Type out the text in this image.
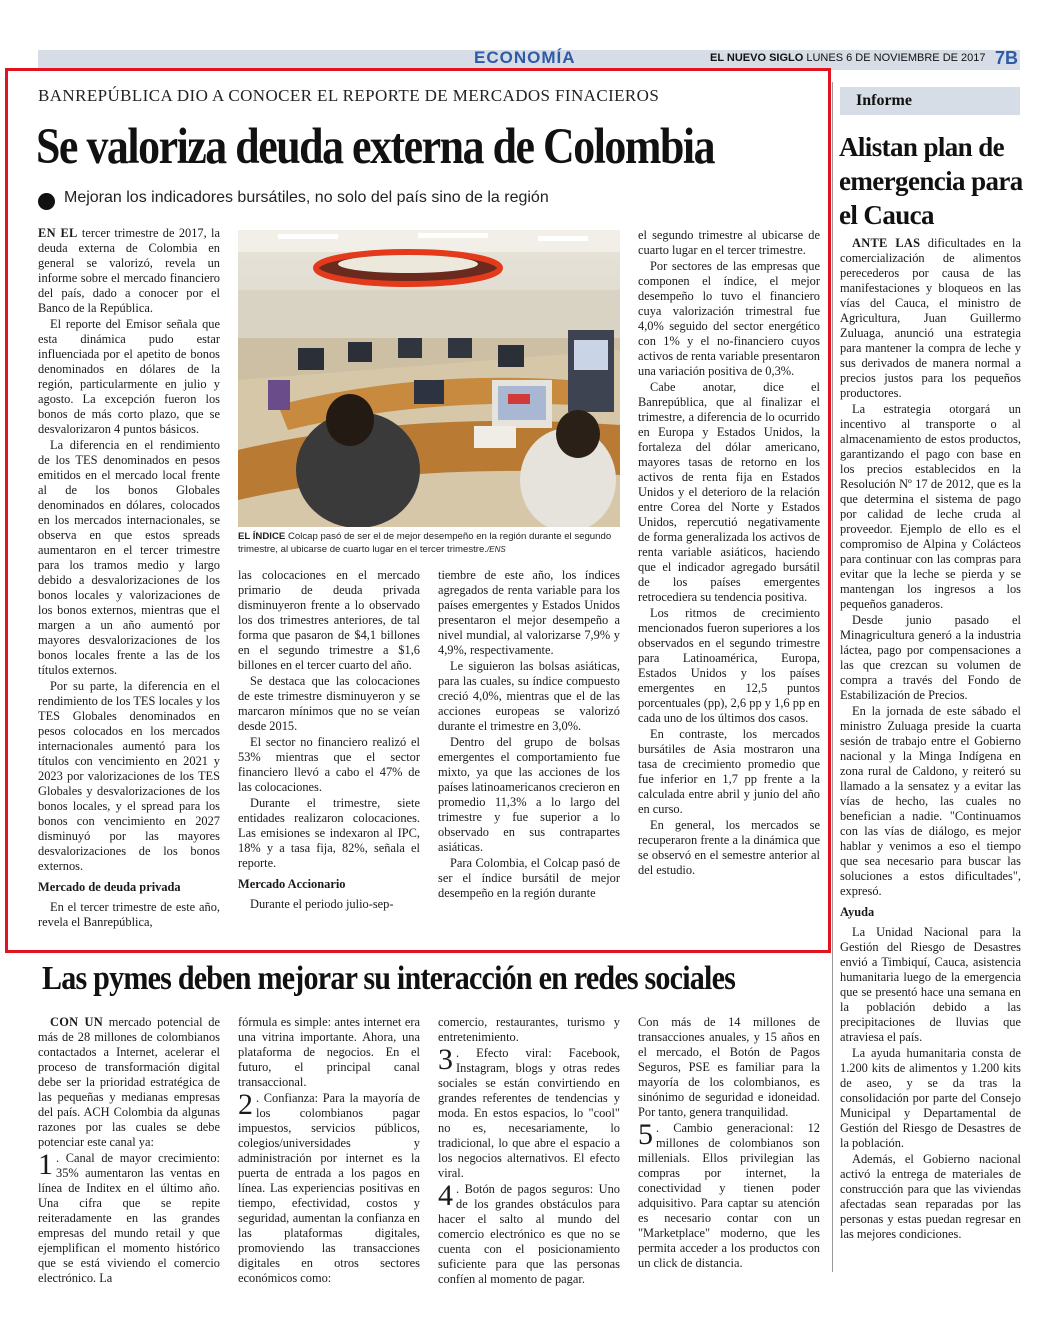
ECONOMÍA	EL NUEVO SIGLO LUNES 6 DE NOVIEMBRE DE 2017 7B
BANREPÚBLICA DIO A CONOCER EL REPORTE DE MERCADOS FINACIEROS
Se valoriza deuda externa de Colombia
Mejoran los indicadores bursátiles, no solo del país sino de la región

EN EL tercer trimestre de 2017, la deuda externa de Colombia en general se valorizó, revela un informe sobre el mercado financiero del país, dado a conocer por el Banco de la República.

El reporte del Emisor señala que esta dinámica pudo estar influenciada por el apetito de bonos denominados en dólares de la región, particularmente en julio y agosto. La excepción fueron los bonos de más corto plazo, que se desvalorizaron 4 puntos básicos.

La diferencia en el rendimiento de los TES denominados en pesos emitidos en el mercado local frente al de los bonos Globales denominados en dólares, colocados en los mercados internacionales, se observa en que estos spreads aumentaron en el tercer trimestre para los tramos medio y largo debido a desvalorizaciones de los bonos locales y valorizaciones de los bonos externos, mientras que el margen a un año aumentó por mayores desvalorizaciones de los bonos locales frente a las de los títulos externos.

Por su parte, la diferencia en el rendimiento de los TES locales y los TES Globales denominados en pesos colocados en los mercados internacionales aumentó para los títulos con vencimiento en 2021 y 2023 por valorizaciones de los TES Globales y desvalorizaciones de los bonos locales, y el spread para los bonos con vencimiento en 2027 disminuyó por las mayores desvalorizaciones de los bonos externos.

Mercado de deuda privada

En el tercer trimestre de este año, revela el Banrepública,

EL ÍNDICE Colcap pasó de ser el de mejor desempeño en la región durante el segundo trimestre, al ubicarse de cuarto lugar en el tercer trimestre./ENS

las colocaciones en el mercado primario de deuda privada disminuyeron frente a lo observado los dos trimestres anteriores, de tal forma que pasaron de $4,1 billones en el segundo trimestre a $1,6 billones en el tercer cuarto del año.

Se destaca que las colocaciones de este trimestre disminuyeron y se marcaron mínimos que no se veían desde 2015.

El sector no financiero realizó el 53% mientras que el sector financiero llevó a cabo el 47% de las colocaciones.

Durante el trimestre, siete entidades realizaron colocaciones. Las emisiones se indexaron al IPC, 18% y a tasa fija, 82%, señala el reporte.

Mercado Accionario

Durante el periodo julio-sep-

tiembre de este año, los índices agregados de renta variable para los países emergentes y Estados Unidos presentaron el mejor desempeño a nivel mundial, al valorizarse 7,9% y 4,9%, respectivamente.

Le siguieron las bolsas asiáticas, para las cuales, su índice compuesto creció 4,0%, mientras que el de las acciones europeas se valorizó durante el trimestre en 3,0%.

Dentro del grupo de bolsas emergentes el comportamiento fue mixto, ya que las acciones de los países latinoamericanos crecieron en promedio 11,3% a lo largo del trimestre y fue superior a lo observado en sus contrapartes asiáticas.

Para Colombia, el Colcap pasó de ser el índice bursátil de mejor desempeño en la región durante

el segundo trimestre al ubicarse de cuarto lugar en el tercer trimestre.

Por sectores de las empresas que componen el índice, el mejor desempeño lo tuvo el financiero cuya valorización trimestral fue 4,0% seguido del sector energético con 1% y el no-financiero cuyos activos de renta variable presentaron una variación positiva de 0,3%.

Cabe anotar, dice el Banrepública, que al finalizar el trimestre, a diferencia de lo ocurrido en Europa y Estados Unidos, la fortaleza del dólar americano, mayores tasas de retorno en los activos de renta fija en Estados Unidos y el deterioro de la relación entre Corea del Norte y Estados Unidos, repercutió negativamente de forma generalizada los activos de renta variable asiáticos, haciendo que el indicador agregado bursátil de los países emergentes retrocediera su tendencia positiva.

Los ritmos de crecimiento mencionados fueron superiores a los observados en el segundo trimestre para Latinoamérica, Europa, Estados Unidos y los países emergentes en 12,5 puntos porcentuales (pp), 2,6 pp y 1,6 pp en cada uno de los últimos dos casos.

En contraste, los mercados bursátiles de Asia mostraron una tasa de crecimiento promedio que fue inferior en 1,7 pp frente a la calculada entre abril y junio del año en curso.

En general, los mercados se recuperaron frente a la dinámica que se observó en el semestre anterior al del estudio.

Informe
Alistan plan de emergencia para el Cauca

ANTE LAS dificultades en la comercialización de alimentos perecederos por causa de las manifestaciones y bloqueos en las vías del Cauca, el ministro de Agricultura, Juan Guillermo Zuluaga, anunció una estrategia para mantener la compra de leche y sus derivados de manera normal a precios justos para los pequeños productores.

La estrategia otorgará un incentivo al transporte o al almacenamiento de estos productos, garantizando el pago con base en los precios establecidos en la Resolución Nº 17 de 2012, que es la que determina el sistema de pago por calidad de leche cruda al proveedor. Ejemplo de ello es el compromiso de Alpina y Colácteos para continuar con las compras para evitar que la leche se pierda y se mantengan los ingresos a los pequeños ganaderos.

Desde junio pasado el Minagricultura generó a la industria láctea, pago por compensaciones a las que crezcan su volumen de compra a través del Fondo de Estabilización de Precios.

En la jornada de este sábado el ministro Zuluaga preside la cuarta sesión de trabajo entre el Gobierno nacional y la Minga Indígena en zona rural de Caldono, y reiteró su llamado a la sensatez y a evitar las vías de hecho, las cuales no benefician a nadie. "Continuamos con las vías de diálogo, es mejor hablar y venimos a eso el tiempo que sea necesario para buscar las soluciones a estos dificultades", expresó.

Ayuda

La Unidad Nacional para la Gestión del Riesgo de Desastres envió a Timbiquí, Cauca, asistencia humanitaria luego de la emergencia que se presentó hace una semana en la población debido a las precipitaciones de lluvias que atraviesa el país.

La ayuda humanitaria consta de 1.200 kits de alimentos y 1.200 kits de aseo, y se da tras la consolidación por parte del Consejo Municipal y Departamental de Gestión del Riesgo de Desastres de la población.

Además, el Gobierno nacional activó la entrega de materiales de construcción para que las viviendas afectadas sean reparadas por las personas y estas puedan regresar en las mejores condiciones.

Las pymes deben mejorar su interacción en redes sociales

CON UN mercado potencial de más de 28 millones de colombianos contactados a Internet, acelerar el proceso de transformación digital debe ser la prioridad estratégica de las pequeñas y medianas empresas del país. ACH Colombia da algunas razones por las cuales se debe potenciar este canal ya:

1 . Canal de mayor crecimiento: 35% aumentaron las ventas en línea de Inditex en el último año. Una cifra que se repite reiteradamente en las grandes empresas del mundo retail y que ejemplifican el momento histórico que se está viviendo el comercio electrónico. La

fórmula es simple: antes internet era una vitrina importante. Ahora, una plataforma de negocios. En el futuro, el principal canal transaccional.

2 . Confianza: Para la mayoría de los colombianos pagar impuestos, servicios públicos, colegios/universidades y administración por internet es la puerta de entrada a los pagos en línea. Las experiencias positivas en tiempo, efectividad, costos y seguridad, aumentan la confianza en las plataformas digitales, promoviendo las transacciones digitales en otros sectores económicos como:

comercio, restaurantes, turismo y entretenimiento.

3 . Efecto viral: Facebook, Instagram, blogs y otras redes sociales se están convirtiendo en grandes referentes de tendencias y moda. En estos espacios, lo "cool" no es, necesariamente, lo tradicional, lo que abre el espacio a los negocios alternativos. El efecto viral.

4 . Botón de pagos seguros: Uno de los grandes obstáculos para hacer el salto al mundo del comercio electrónico es que no se cuenta con el posicionamiento suficiente para que las personas confíen al momento de pagar.

Con más de 14 millones de transacciones anuales, y 15 años en el mercado, el Botón de Pagos Seguros, PSE es familiar para la mayoría de los colombianos, es sinónimo de seguridad e idoneidad. Por tanto, genera tranquilidad.

5 . Cambio generacional: 12 millones de colombianos son millenials. Ellos privilegian las compras por internet, la conectividad y tienen poder adquisitivo. Para captar su atención es necesario contar con un "Marketplace" moderno, que les permita acceder a los productos con un click de distancia.
